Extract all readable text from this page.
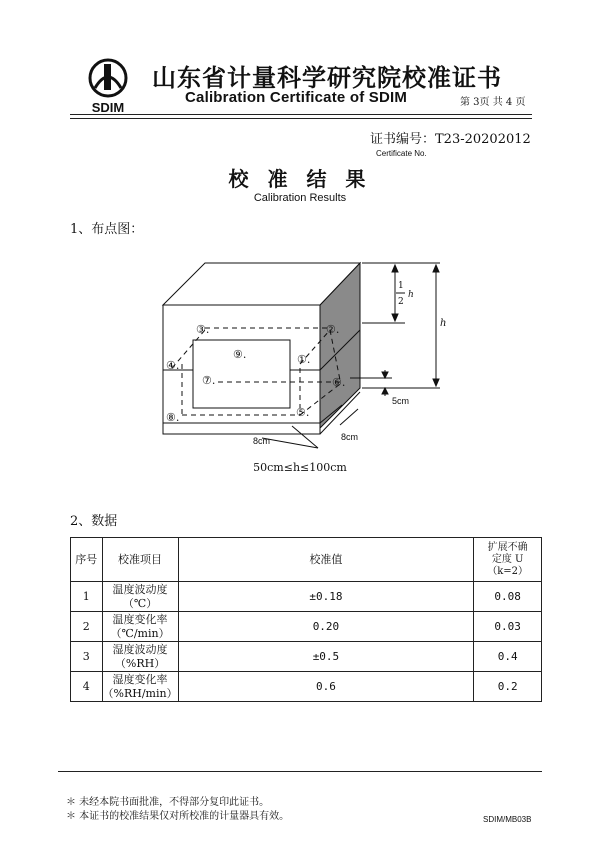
SDIM
山东省计量科学研究院校准证书
Calibration Certificate of SDIM	第 3页 共 4 页
证书编号：T23-20202012
Certificate No.
校 准 结 果
Calibration Results
1、布点图：
③.	②.
④.
⑨.	①.
⑦.	⑥.
⑧.	⑤.
1
2
h
h
5cm
8cm	8cm
50cm≤h≤100cm
2、数据
序号	校准项目	校准值	扩展不确
定度 U
（k=2）

1	温度波动度
（℃）	±0.18	0.08
2	温度变化率
（℃/min）	0.20	0.03
3	湿度波动度
（%RH）	±0.5	0.4
4	湿度变化率
（%RH/min）	0.6	0.2
＊ 未经本院书面批准，不得部分复印此证书。
＊ 本证书的校准结果仅对所校准的计量器具有效。	SDIM/MB03B
